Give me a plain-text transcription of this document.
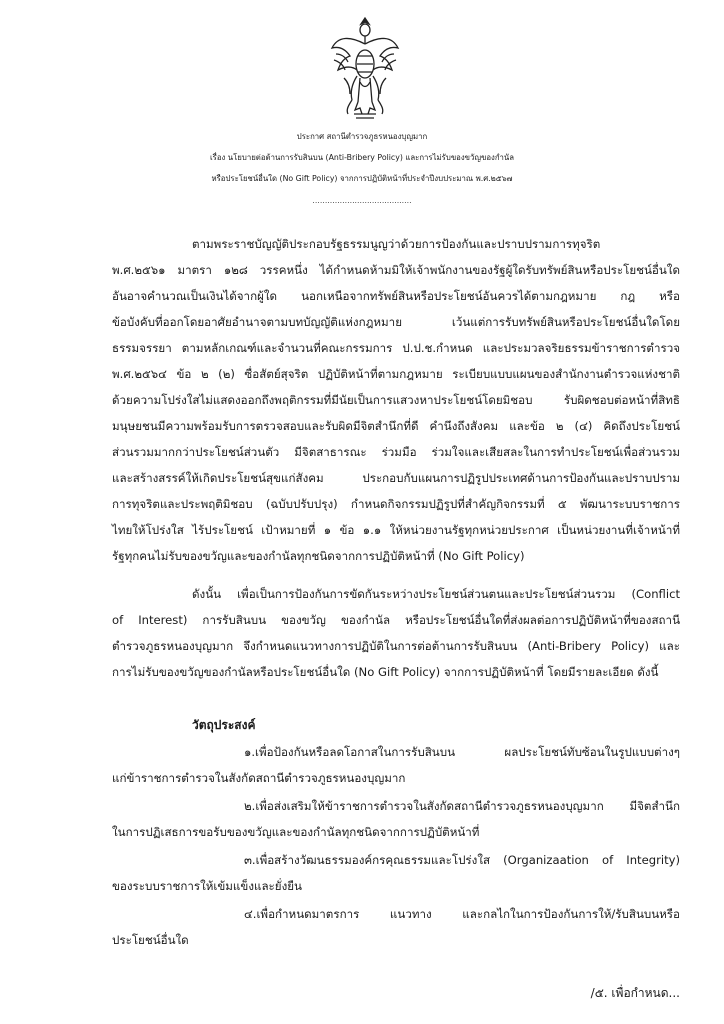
ประกาศ สถานีตำรวจภูธรหนองบุญมาก
เรื่อง นโยบายต่อต้านการรับสินบน (Anti-Bribery Policy) และการไม่รับของขวัญของกำนัล
หรือประโยชน์อื่นใด (No Gift Policy) จากการปฏิบัติหน้าที่ประจำปีงบประมาณ พ.ศ.๒๕๖๗
........................................
ตามพระราชบัญญัติประกอบรัฐธรรมนูญว่าด้วยการป้องกันและปราบปรามการทุจริต
พ.ศ.๒๕๖๑ มาตรา ๑๒๘ วรรคหนึ่ง ได้กำหนดห้ามมิให้เจ้าพนักงานของรัฐผู้ใดรับทรัพย์สินหรือประโยชน์อื่นใด
อันอาจคำนวณเป็นเงินได้จากผู้ใด นอกเหนือจากทรัพย์สินหรือประโยชน์อันควรได้ตามกฎหมาย กฎ หรือ
ข้อบังคับที่ออกโดยอาศัยอำนาจตามบทบัญญัติแห่งกฎหมาย เว้นแต่การรับทรัพย์สินหรือประโยชน์อื่นใดโดย
ธรรมจรรยา ตามหลักเกณฑ์และจำนวนที่คณะกรรมการ ป.ป.ช.กำหนด และประมวลจริยธรรมข้าราชการตำรวจ
พ.ศ.๒๕๖๔ ข้อ ๒ (๒) ซื่อสัตย์สุจริต ปฏิบัติหน้าที่ตามกฎหมาย ระเบียบแบบแผนของสำนักงานตำรวจแห่งชาติ
ด้วยความโปร่งใสไม่แสดงออกถึงพฤติกรรมที่มีนัยเป็นการแสวงหาประโยชน์โดยมิชอบ รับผิดชอบต่อหน้าที่สิทธิ
มนุษยชนมีความพร้อมรับการตรวจสอบและรับผิดมีจิตสำนึกที่ดี คำนึงถึงสังคม และข้อ ๒ (๔) คิดถึงประโยชน์
ส่วนรวมมากกว่าประโยชน์ส่วนตัว มีจิตสาธารณะ ร่วมมือ ร่วมใจและเสียสละในการทำประโยชน์เพื่อส่วนรวม
และสร้างสรรค์ให้เกิดประโยชน์สุขแก่สังคม ประกอบกับแผนการปฏิรูปประเทศด้านการป้องกันและปราบปราม
การทุจริตและประพฤติมิชอบ (ฉบับปรับปรุง) กำหนดกิจกรรมปฏิรูปที่สำคัญกิจกรรมที่ ๕ พัฒนาระบบราชการ
ไทยให้โปร่งใส ไร้ประโยชน์ เป้าหมายที่ ๑ ข้อ ๑.๑ ให้หน่วยงานรัฐทุกหน่วยประกาศ เป็นหน่วยงานที่เจ้าหน้าที่
รัฐทุกคนไม่รับของขวัญและของกำนัลทุกชนิดจากการปฏิบัติหน้าที่ (No Gift Policy)
ดังนั้น เพื่อเป็นการป้องกันการขัดกันระหว่างประโยชน์ส่วนตนและประโยชน์ส่วนรวม (Conflict
of Interest) การรับสินบน ของขวัญ ของกำนัล หรือประโยชน์อื่นใดที่ส่งผลต่อการปฏิบัติหน้าที่ของสถานี
ตำรวจภูธรหนองบุญมาก จึงกำหนดแนวทางการปฏิบัติในการต่อต้านการรับสินบน (Anti-Bribery Policy) และ
การไม่รับของขวัญของกำนัลหรือประโยชน์อื่นใด (No Gift Policy) จากการปฏิบัติหน้าที่ โดยมีรายละเอียด ดังนี้
วัตถุประสงค์
๑.เพื่อป้องกันหรือลดโอกาสในการรับสินบน ผลประโยชน์ทับซ้อนในรูปแบบต่างๆ
แก่ข้าราชการตำรวจในสังกัดสถานีตำรวจภูธรหนองบุญมาก
๒.เพื่อส่งเสริมให้ข้าราชการตำรวจในสังกัดสถานีตำรวจภูธรหนองบุญมาก มีจิตสำนึก
ในการปฏิเสธการขอรับของขวัญและของกำนัลทุกชนิดจากการปฏิบัติหน้าที่
๓.เพื่อสร้างวัฒนธรรมองค์กรคุณธรรมและโปร่งใส (Organizaation of Integrity)
ของระบบราชการให้เข้มแข็งและยั่งยืน
๔.เพื่อกำหนดมาตรการ แนวทาง และกลไกในการป้องกันการให้/รับสินบนหรือ
ประโยชน์อื่นใด
/๕. เพื่อกำหนด...
